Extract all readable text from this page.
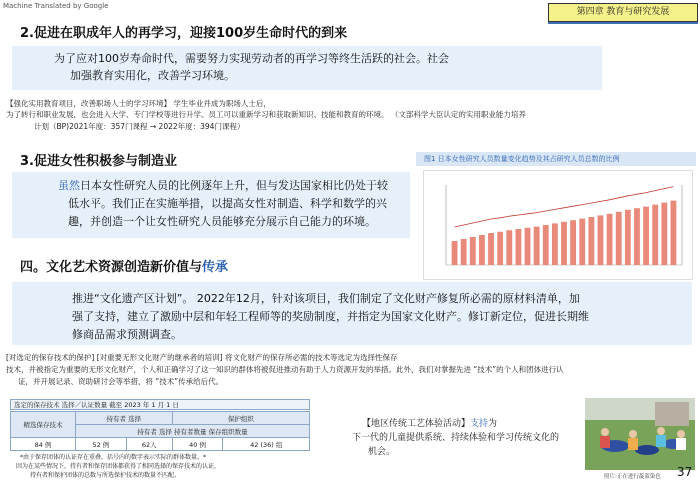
Machine Translated by Google
第四章 教育与研究发展
2.促进在职成年人的再学习，迎接100岁生命时代的到来
为了应对100岁寿命时代，需要努力实现劳动者的再学习等终生活跃的社会。社会
加强教育实用化，改善学习环境。
【强化实用教育项目，改善职场人士的学习环境】 学生毕业并成为职场人士后，
为了转行和职业发展，也会进入大学、专门学校等进行升学。员工可以重新学习和获取新知识、技能和教育的环境。 （文部科学大臣认定的实用职业能力培养
计划（BP)2021年度：357门课程 → 2022年度：394门课程）
3.促进女性积极参与制造业
虽然日本女性研究人员的比例逐年上升，但与发达国家相比仍处于较
低水平。我们正在实施举措，以提高女性对制造、科学和数学的兴
趣，并创造一个让女性研究人员能够充分展示自己能力的环境。
图1 日本女性研究人员数量变化趋势及其占研究人员总数的比例
四。文化艺术资源创造新价值与传承
推进“文化遗产区计划”。 2022年12月，针对该项目，我们制定了文化财产修复所必需的原材料清单，加
强了支持，建立了激励中层和年轻工程师等的奖励制度，并指定为国家文化财产。修订新定位，促进长期维
修商品需求预测调查。
[对选定的保存技术的保护] [对重要无形文化财产的继承者的培训] 将文化财产的保存所必需的技术等选定为选择性保存
技术，并被指定为重要的无形文化财产，个人和正确学习了这一知识的群体将被促进推动有助于人力资源开发的举措。此外，我们对掌握先进 “技术”的个人和团体进行认
证，并开展记录、资助研讨会等举措，将 “技术”传承给后代。
选定的保存技术 选择／认证数量 截至 2023 年 1 月 1 日
精选保存技术	持有者 选择		保护组织	
	持有者 选择 持有者数量 保存组织数量			
84 例	52 例	62人	40 例	42 (36) 组
*由于保存团体的认证存在重叠，括号内的数字表示实际的群体数量。*
因为在某些情况下，持有者和保存团体都获得了相同选择的保存技术的认证，
持有者和保护团体的总数与所选保护技术的数量不匹配。
【地区传统工艺体验活动】支持为
下一代的儿童提供系统、持续体验和学习传统文化的
机会。
照片:正在进行靛蓝染色 37
